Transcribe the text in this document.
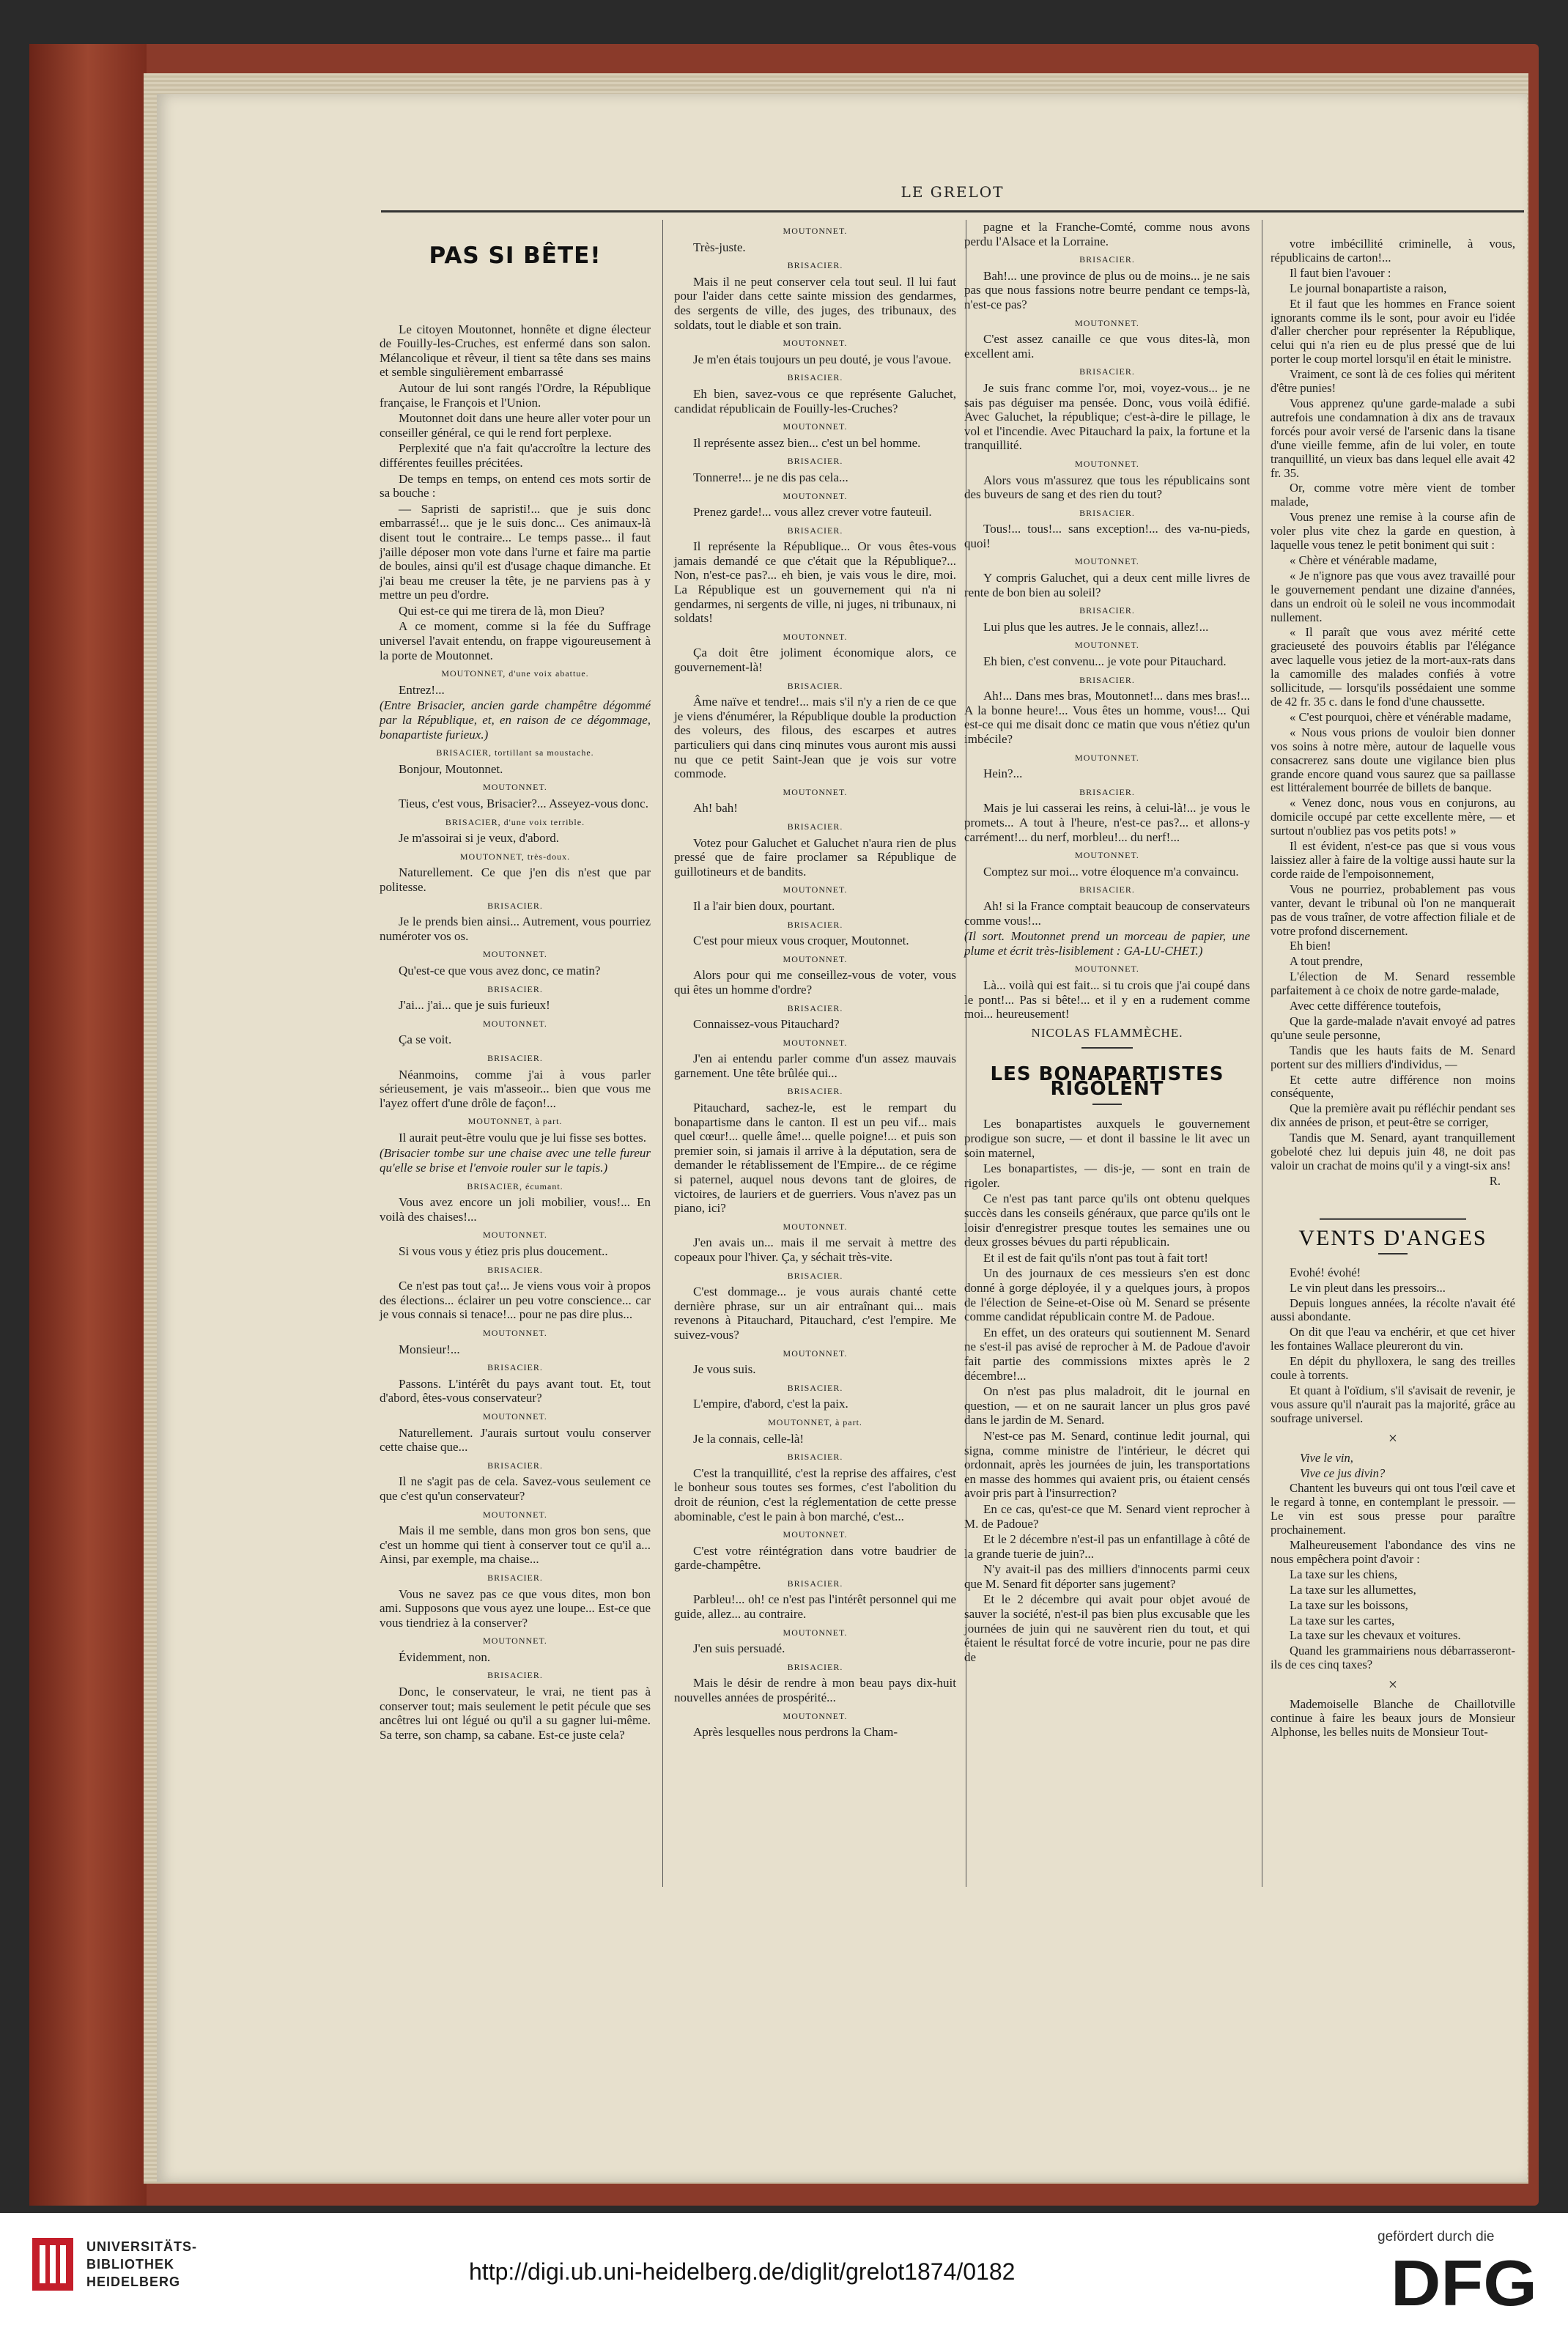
LE GRELOT
PAS SI BÊTE!

Le citoyen Moutonnet, honnête et digne électeur de Fouilly-les-Cruches, est enfermé dans son salon. Mélancolique et rêveur, il tient sa tête dans ses mains et semble singulièrement embarrassé

Autour de lui sont rangés l'Ordre, la République française, le François et l'Union.

Moutonnet doit dans une heure aller voter pour un conseiller général, ce qui le rend fort perplexe.

Perplexité que n'a fait qu'accroître la lecture des différentes feuilles précitées.

De temps en temps, on entend ces mots sortir de sa bouche :

— Sapristi de sapristi!... que je suis donc embarrassé!... que je le suis donc... Ces animaux-là disent tout le contraire... Le temps passe... il faut j'aille déposer mon vote dans l'urne et faire ma partie de boules, ainsi qu'il est d'usage chaque dimanche. Et j'ai beau me creuser la tête, je ne parviens pas à y mettre un peu d'ordre.

Qui est-ce qui me tirera de là, mon Dieu?

A ce moment, comme si la fée du Suffrage universel l'avait entendu, on frappe vigoureusement à la porte de Moutonnet.

MOUTONNET, d'une voix abattue.

Entrez!...

(Entre Brisacier, ancien garde champêtre dégommé par la République, et, en raison de ce dégommage, bonapartiste furieux.)

BRISACIER, tortillant sa moustache.

Bonjour, Moutonnet.

MOUTONNET.

Tieus, c'est vous, Brisacier?... Asseyez-vous donc.

BRISACIER, d'une voix terrible.

Je m'assoirai si je veux, d'abord.

MOUTONNET, très-doux.

Naturellement. Ce que j'en dis n'est que par politesse.

BRISACIER.

Je le prends bien ainsi... Autrement, vous pourriez numéroter vos os.

MOUTONNET.

Qu'est-ce que vous avez donc, ce matin?

BRISACIER.

J'ai... j'ai... que je suis furieux!

MOUTONNET.

Ça se voit.

BRISACIER.

Néanmoins, comme j'ai à vous parler sérieusement, je vais m'asseoir... bien que vous me l'ayez offert d'une drôle de façon!...

MOUTONNET, à part.

Il aurait peut-être voulu que je lui fisse ses bottes.

(Brisacier tombe sur une chaise avec une telle fureur qu'elle se brise et l'envoie rouler sur le tapis.)

BRISACIER, écumant.

Vous avez encore un joli mobilier, vous!... En voilà des chaises!...

MOUTONNET.

Si vous vous y étiez pris plus doucement..

BRISACIER.

Ce n'est pas tout ça!... Je viens vous voir à propos des élections... éclairer un peu votre conscience... car je vous connais si tenace!... pour ne pas dire plus...

MOUTONNET.

Monsieur!...

BRISACIER.

Passons. L'intérêt du pays avant tout. Et, tout d'abord, êtes-vous conservateur?

MOUTONNET.

Naturellement. J'aurais surtout voulu conserver cette chaise que...

BRISACIER.

Il ne s'agit pas de cela. Savez-vous seulement ce que c'est qu'un conservateur?

MOUTONNET.

Mais il me semble, dans mon gros bon sens, que c'est un homme qui tient à conserver tout ce qu'il a... Ainsi, par exemple, ma chaise...

BRISACIER.

Vous ne savez pas ce que vous dites, mon bon ami. Supposons que vous ayez une loupe... Est-ce que vous tiendriez à la conserver?

MOUTONNET.

Évidemment, non.

BRISACIER.

Donc, le conservateur, le vrai, ne tient pas à conserver tout; mais seulement le petit pécule que ses ancêtres lui ont légué ou qu'il a su gagner lui-même. Sa terre, son champ, sa cabane. Est-ce juste cela?

MOUTONNET.

Très-juste.

BRISACIER.

Mais il ne peut conserver cela tout seul. Il lui faut pour l'aider dans cette sainte mission des gendarmes, des sergents de ville, des juges, des tribunaux, des soldats, tout le diable et son train.

MOUTONNET.

Je m'en étais toujours un peu douté, je vous l'avoue.

BRISACIER.

Eh bien, savez-vous ce que représente Galuchet, candidat républicain de Fouilly-les-Cruches?

MOUTONNET.

Il représente assez bien... c'est un bel homme.

BRISACIER.

Tonnerre!... je ne dis pas cela...

MOUTONNET.

Prenez garde!... vous allez crever votre fauteuil.

BRISACIER.

Il représente la République... Or vous êtes-vous jamais demandé ce que c'était que la République?... Non, n'est-ce pas?... eh bien, je vais vous le dire, moi. La République est un gouvernement qui n'a ni gendarmes, ni sergents de ville, ni juges, ni tribunaux, ni soldats!

MOUTONNET.

Ça doit être joliment économique alors, ce gouvernement-là!

BRISACIER.

Âme naïve et tendre!... mais s'il n'y a rien de ce que je viens d'énumérer, la République double la production des voleurs, des filous, des escarpes et autres particuliers qui dans cinq minutes vous auront mis aussi nu que ce petit Saint-Jean que je vois sur votre commode.

MOUTONNET.

Ah! bah!

BRISACIER.

Votez pour Galuchet et Galuchet n'aura rien de plus pressé que de faire proclamer sa République de guillotineurs et de bandits.

MOUTONNET.

Il a l'air bien doux, pourtant.

BRISACIER.

C'est pour mieux vous croquer, Moutonnet.

MOUTONNET.

Alors pour qui me conseillez-vous de voter, vous qui êtes un homme d'ordre?

BRISACIER.

Connaissez-vous Pitauchard?

MOUTONNET.

J'en ai entendu parler comme d'un assez mauvais garnement. Une tête brûlée qui...

BRISACIER.

Pitauchard, sachez-le, est le rempart du bonapartisme dans le canton. Il est un peu vif... mais quel cœur!... quelle âme!... quelle poigne!... et puis son premier soin, si jamais il arrive à la députation, sera de demander le rétablissement de l'Empire... de ce régime si paternel, auquel nous devons tant de gloires, de victoires, de lauriers et de guerriers. Vous n'avez pas un piano, ici?

MOUTONNET.

J'en avais un... mais il me servait à mettre des copeaux pour l'hiver. Ça, y séchait très-vite.

BRISACIER.

C'est dommage... je vous aurais chanté cette dernière phrase, sur un air entraînant qui... mais revenons à Pitauchard, Pitauchard, c'est l'empire. Me suivez-vous?

MOUTONNET.

Je vous suis.

BRISACIER.

L'empire, d'abord, c'est la paix.

MOUTONNET, à part.

Je la connais, celle-là!

BRISACIER.

C'est la tranquillité, c'est la reprise des affaires, c'est le bonheur sous toutes ses formes, c'est l'abolition du droit de réunion, c'est la réglementation de cette presse abominable, c'est le pain à bon marché, c'est...

MOUTONNET.

C'est votre réintégration dans votre baudrier de garde-champêtre.

BRISACIER.

Parbleu!... oh! ce n'est pas l'intérêt personnel qui me guide, allez... au contraire.

MOUTONNET.

J'en suis persuadé.

BRISACIER.

Mais le désir de rendre à mon beau pays dix-huit nouvelles années de prospérité...

MOUTONNET.

Après lesquelles nous perdrons la Cham-

pagne et la Franche-Comté, comme nous avons perdu l'Alsace et la Lorraine.

BRISACIER.

Bah!... une province de plus ou de moins... je ne sais pas que nous fassions notre beurre pendant ce temps-là, n'est-ce pas?

MOUTONNET.

C'est assez canaille ce que vous dites-là, mon excellent ami.

BRISACIER.

Je suis franc comme l'or, moi, voyez-vous... je ne sais pas déguiser ma pensée. Donc, vous voilà édifié. Avec Galuchet, la république; c'est-à-dire le pillage, le vol et l'incendie. Avec Pitauchard la paix, la fortune et la tranquillité.

MOUTONNET.

Alors vous m'assurez que tous les républicains sont des buveurs de sang et des rien du tout?

BRISACIER.

Tous!... tous!... sans exception!... des va-nu-pieds, quoi!

MOUTONNET.

Y compris Galuchet, qui a deux cent mille livres de rente de bon bien au soleil?

BRISACIER.

Lui plus que les autres. Je le connais, allez!...

MOUTONNET.

Eh bien, c'est convenu... je vote pour Pitauchard.

BRISACIER.

Ah!... Dans mes bras, Moutonnet!... dans mes bras!... A la bonne heure!... Vous êtes un homme, vous!... Qui est-ce qui me disait donc ce matin que vous n'étiez qu'un imbécile?

MOUTONNET.

Hein?...

BRISACIER.

Mais je lui casserai les reins, à celui-là!... je vous le promets... A tout à l'heure, n'est-ce pas?... et allons-y carrément!... du nerf, morbleu!... du nerf!...

MOUTONNET.

Comptez sur moi... votre éloquence m'a convaincu.

BRISACIER.

Ah! si la France comptait beaucoup de conservateurs comme vous!...

(Il sort. Moutonnet prend un morceau de papier, une plume et écrit très-lisiblement : GA-LU-CHET.)

MOUTONNET.

Là... voilà qui est fait... si tu crois que j'ai coupé dans le pont!... Pas si bête!... et il y en a rudement comme moi... heureusement!

NICOLAS FLAMMÈCHE.

LES BONAPARTISTES RIGOLENT

Les bonapartistes auxquels le gouvernement prodigue son sucre, — et dont il bassine le lit avec un soin maternel,

Les bonapartistes, — dis-je, — sont en train de rigoler.

Ce n'est pas tant parce qu'ils ont obtenu quelques succès dans les conseils généraux, que parce qu'ils ont le loisir d'enregistrer presque toutes les semaines une ou deux grosses bévues du parti républicain.

Et il est de fait qu'ils n'ont pas tout à fait tort!

Un des journaux de ces messieurs s'en est donc donné à gorge déployée, il y a quelques jours, à propos de l'élection de Seine-et-Oise où M. Senard se présente comme candidat républicain contre M. de Padoue.

En effet, un des orateurs qui soutiennent M. Senard ne s'est-il pas avisé de reprocher à M. de Padoue d'avoir fait partie des commissions mixtes après le 2 décembre!...

On n'est pas plus maladroit, dit le journal en question, — et on ne saurait lancer un plus gros pavé dans le jardin de M. Senard.

N'est-ce pas M. Senard, continue ledit journal, qui signa, comme ministre de l'intérieur, le décret qui ordonnait, après les journées de juin, les transportations en masse des hommes qui avaient pris, ou étaient censés avoir pris part à l'insurrection?

En ce cas, qu'est-ce que M. Senard vient reprocher à M. de Padoue?

Et le 2 décembre n'est-il pas un enfantillage à côté de la grande tuerie de juin?...

N'y avait-il pas des milliers d'innocents parmi ceux que M. Senard fit déporter sans jugement?

Et le 2 décembre qui avait pour objet avoué de sauver la société, n'est-il pas bien plus excusable que les journées de juin qui ne sauvèrent rien du tout, et qui étaient le résultat forcé de votre incurie, pour ne pas dire de

votre imbécillité criminelle, à vous, républicains de carton!...

Il faut bien l'avouer :

Le journal bonapartiste a raison,

Et il faut que les hommes en France soient ignorants comme ils le sont, pour avoir eu l'idée d'aller chercher pour représenter la République, celui qui n'a rien eu de plus pressé que de lui porter le coup mortel lorsqu'il en était le ministre.

Vraiment, ce sont là de ces folies qui méritent d'être punies!

Vous apprenez qu'une garde-malade a subi autrefois une condamnation à dix ans de travaux forcés pour avoir versé de l'arsenic dans la tisane d'une vieille femme, afin de lui voler, en toute tranquillité, un vieux bas dans lequel elle avait 42 fr. 35.

Or, comme votre mère vient de tomber malade,

Vous prenez une remise à la course afin de voler plus vite chez la garde en question, à laquelle vous tenez le petit boniment qui suit :

« Chère et vénérable madame,

« Je n'ignore pas que vous avez travaillé pour le gouvernement pendant une dizaine d'années, dans un endroit où le soleil ne vous incommodait nullement.

« Il paraît que vous avez mérité cette gracieuseté des pouvoirs établis par l'élégance avec laquelle vous jetiez de la mort-aux-rats dans la camomille des malades confiés à votre sollicitude, — lorsqu'ils possédaient une somme de 42 fr. 35 c. dans le fond d'une chaussette.

« C'est pourquoi, chère et vénérable madame,

« Nous vous prions de vouloir bien donner vos soins à notre mère, autour de laquelle vous consacrerez sans doute une vigilance bien plus grande encore quand vous saurez que sa paillasse est littéralement bourrée de billets de banque.

« Venez donc, nous vous en conjurons, au domicile occupé par cette excellente mère, — et surtout n'oubliez pas vos petits pots! »

Il est évident, n'est-ce pas que si vous vous laissiez aller à faire de la voltige aussi haute sur la corde raide de l'empoisonnement,

Vous ne pourriez, probablement pas vous vanter, devant le tribunal où l'on ne manquerait pas de vous traîner, de votre affection filiale et de votre profond discernement.

Eh bien!

A tout prendre,

L'élection de M. Senard ressemble parfaitement à ce choix de notre garde-malade,

Avec cette différence toutefois,

Que la garde-malade n'avait envoyé ad patres qu'une seule personne,

Tandis que les hauts faits de M. Senard portent sur des milliers d'individus, —

Et cette autre différence non moins conséquente,

Que la première avait pu réfléchir pendant ses dix années de prison, et peut-être se corriger,

Tandis que M. Senard, ayant tranquillement gobeloté chez lui depuis juin 48, ne doit pas valoir un crachat de moins qu'il y a vingt-six ans!

R.
VENTS D'ANGES

Evohé! évohé!

Le vin pleut dans les pressoirs...

Depuis longues années, la récolte n'avait été aussi abondante.

On dit que l'eau va enchérir, et que cet hiver les fontaines Wallace pleureront du vin.

En dépit du phylloxera, le sang des treilles coule à torrents.

Et quant à l'oïdium, s'il s'avisait de revenir, je vous assure qu'il n'aurait pas la majorité, grâce au soufrage universel.

×

Vive le vin,

Vive ce jus divin?

Chantent les buveurs qui ont tous l'œil cave et le regard à tonne, en contemplant le pressoir. — Le vin est sous presse pour paraître prochainement.

Malheureusement l'abondance des vins ne nous empêchera point d'avoir :

La taxe sur les chiens,

La taxe sur les allumettes,

La taxe sur les boissons,

La taxe sur les cartes,

La taxe sur les chevaux et voitures.

Quand les grammairiens nous débarrasseront-ils de ces cinq taxes?

×

Mademoiselle Blanche de Chaillotville continue à faire les beaux jours de Monsieur Alphonse, les belles nuits de Monsieur Tout-

UNIVERSITÄTS-
BIBLIOTHEK
HEIDELBERG	http://digi.ub.uni-heidelberg.de/diglit/grelot1874/0182
gefördert durch die
DFG
